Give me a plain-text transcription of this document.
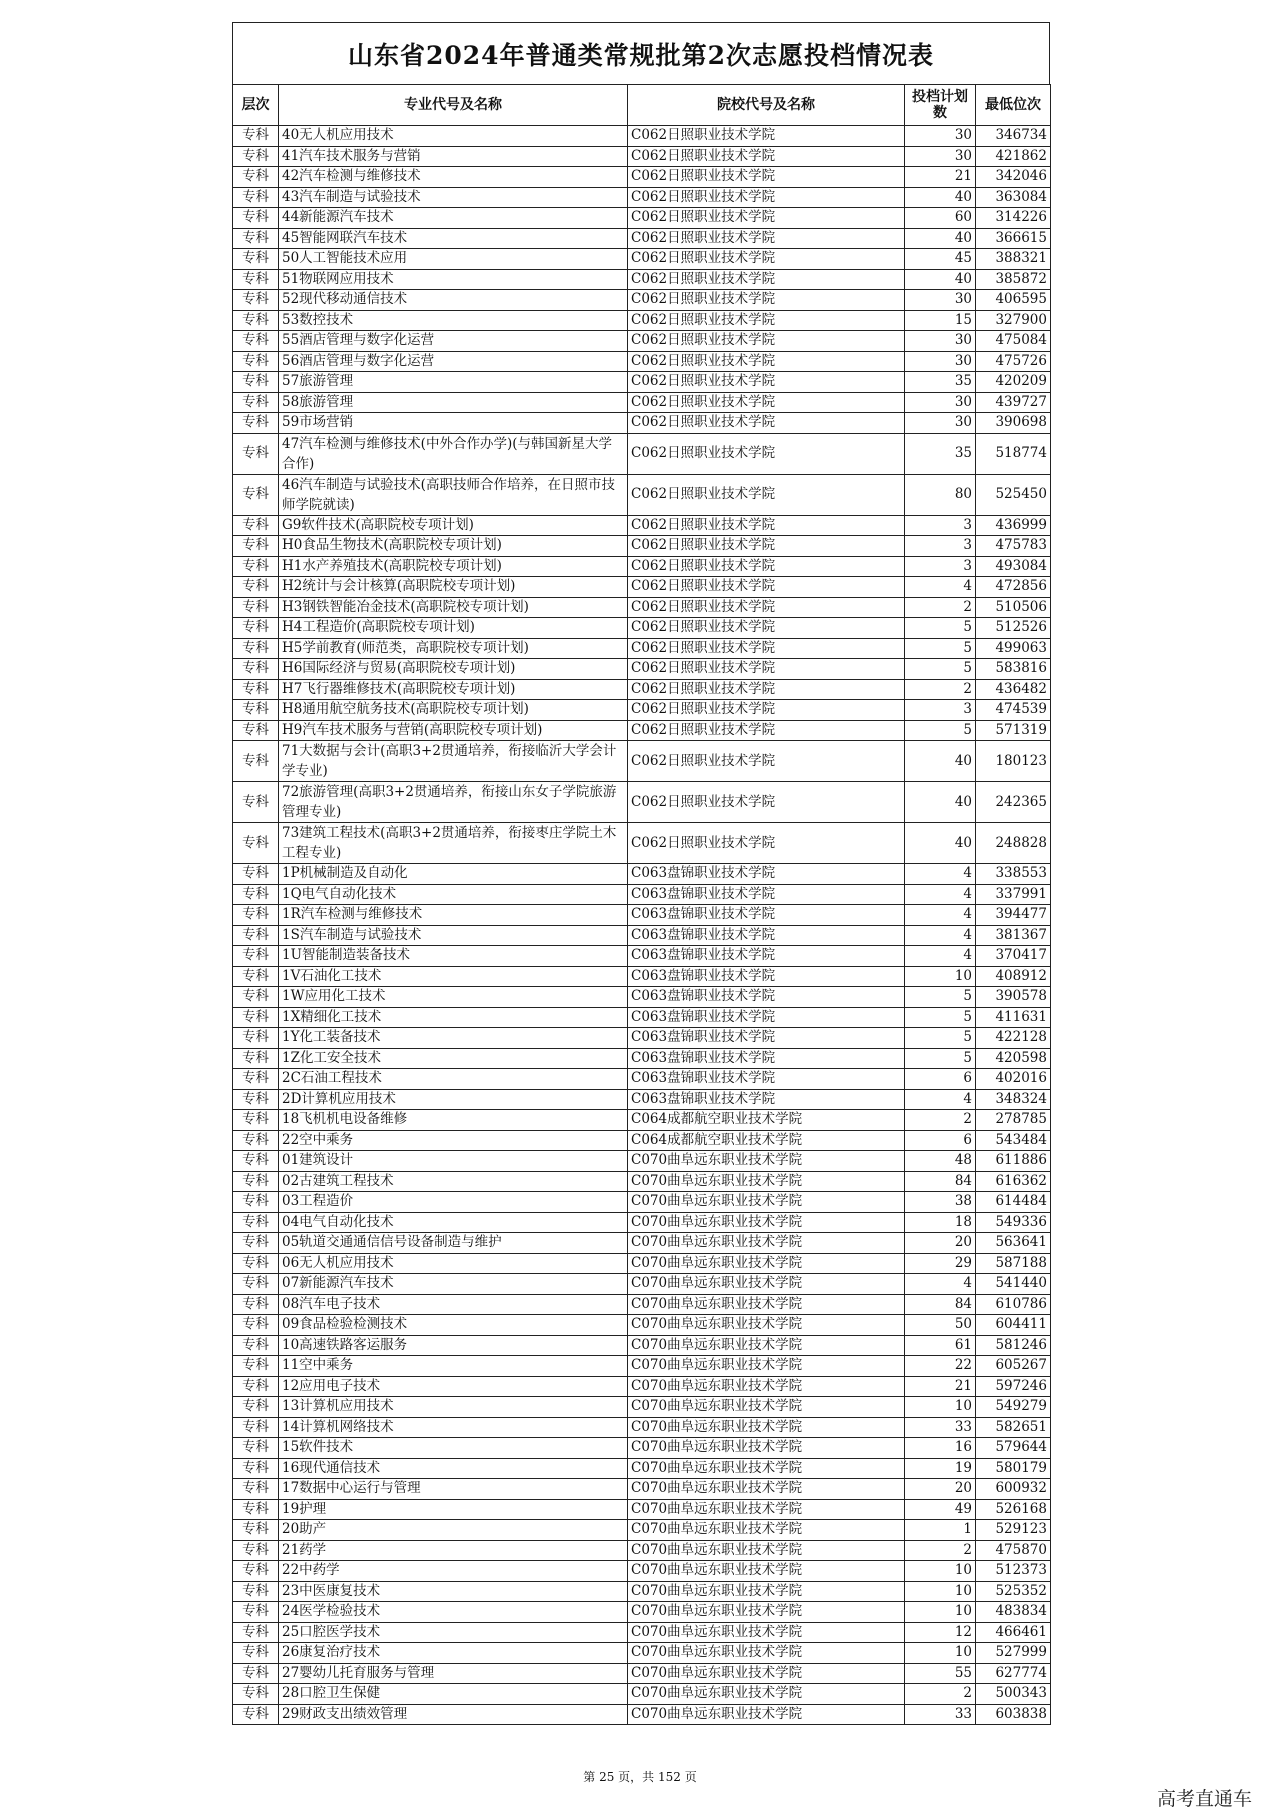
山东省2024年普通类常规批第2次志愿投档情况表
层次	专业代号及名称	院校代号及名称	投档计划数	最低位次
专科	40无人机应用技术	C062日照职业技术学院	30	346734
专科	41汽车技术服务与营销	C062日照职业技术学院	30	421862
专科	42汽车检测与维修技术	C062日照职业技术学院	21	342046
专科	43汽车制造与试验技术	C062日照职业技术学院	40	363084
专科	44新能源汽车技术	C062日照职业技术学院	60	314226
专科	45智能网联汽车技术	C062日照职业技术学院	40	366615
专科	50人工智能技术应用	C062日照职业技术学院	45	388321
专科	51物联网应用技术	C062日照职业技术学院	40	385872
专科	52现代移动通信技术	C062日照职业技术学院	30	406595
专科	53数控技术	C062日照职业技术学院	15	327900
专科	55酒店管理与数字化运营	C062日照职业技术学院	30	475084
专科	56酒店管理与数字化运营	C062日照职业技术学院	30	475726
专科	57旅游管理	C062日照职业技术学院	35	420209
专科	58旅游管理	C062日照职业技术学院	30	439727
专科	59市场营销	C062日照职业技术学院	30	390698
专科	47汽车检测与维修技术(中外合作办学)(与韩国新星大学合作)	C062日照职业技术学院	35	518774
专科	46汽车制造与试验技术(高职技师合作培养，在日照市技师学院就读)	C062日照职业技术学院	80	525450
专科	G9软件技术(高职院校专项计划)	C062日照职业技术学院	3	436999
专科	H0食品生物技术(高职院校专项计划)	C062日照职业技术学院	3	475783
专科	H1水产养殖技术(高职院校专项计划)	C062日照职业技术学院	3	493084
专科	H2统计与会计核算(高职院校专项计划)	C062日照职业技术学院	4	472856
专科	H3钢铁智能冶金技术(高职院校专项计划)	C062日照职业技术学院	2	510506
专科	H4工程造价(高职院校专项计划)	C062日照职业技术学院	5	512526
专科	H5学前教育(师范类，高职院校专项计划)	C062日照职业技术学院	5	499063
专科	H6国际经济与贸易(高职院校专项计划)	C062日照职业技术学院	5	583816
专科	H7飞行器维修技术(高职院校专项计划)	C062日照职业技术学院	2	436482
专科	H8通用航空航务技术(高职院校专项计划)	C062日照职业技术学院	3	474539
专科	H9汽车技术服务与营销(高职院校专项计划)	C062日照职业技术学院	5	571319
专科	71大数据与会计(高职3+2贯通培养，衔接临沂大学会计学专业)	C062日照职业技术学院	40	180123
专科	72旅游管理(高职3+2贯通培养，衔接山东女子学院旅游管理专业)	C062日照职业技术学院	40	242365
专科	73建筑工程技术(高职3+2贯通培养，衔接枣庄学院土木工程专业)	C062日照职业技术学院	40	248828
专科	1P机械制造及自动化	C063盘锦职业技术学院	4	338553
专科	1Q电气自动化技术	C063盘锦职业技术学院	4	337991
专科	1R汽车检测与维修技术	C063盘锦职业技术学院	4	394477
专科	1S汽车制造与试验技术	C063盘锦职业技术学院	4	381367
专科	1U智能制造装备技术	C063盘锦职业技术学院	4	370417
专科	1V石油化工技术	C063盘锦职业技术学院	10	408912
专科	1W应用化工技术	C063盘锦职业技术学院	5	390578
专科	1X精细化工技术	C063盘锦职业技术学院	5	411631
专科	1Y化工装备技术	C063盘锦职业技术学院	5	422128
专科	1Z化工安全技术	C063盘锦职业技术学院	5	420598
专科	2C石油工程技术	C063盘锦职业技术学院	6	402016
专科	2D计算机应用技术	C063盘锦职业技术学院	4	348324
专科	18飞机机电设备维修	C064成都航空职业技术学院	2	278785
专科	22空中乘务	C064成都航空职业技术学院	6	543484
专科	01建筑设计	C070曲阜远东职业技术学院	48	611886
专科	02古建筑工程技术	C070曲阜远东职业技术学院	84	616362
专科	03工程造价	C070曲阜远东职业技术学院	38	614484
专科	04电气自动化技术	C070曲阜远东职业技术学院	18	549336
专科	05轨道交通通信信号设备制造与维护	C070曲阜远东职业技术学院	20	563641
专科	06无人机应用技术	C070曲阜远东职业技术学院	29	587188
专科	07新能源汽车技术	C070曲阜远东职业技术学院	4	541440
专科	08汽车电子技术	C070曲阜远东职业技术学院	84	610786
专科	09食品检验检测技术	C070曲阜远东职业技术学院	50	604411
专科	10高速铁路客运服务	C070曲阜远东职业技术学院	61	581246
专科	11空中乘务	C070曲阜远东职业技术学院	22	605267
专科	12应用电子技术	C070曲阜远东职业技术学院	21	597246
专科	13计算机应用技术	C070曲阜远东职业技术学院	10	549279
专科	14计算机网络技术	C070曲阜远东职业技术学院	33	582651
专科	15软件技术	C070曲阜远东职业技术学院	16	579644
专科	16现代通信技术	C070曲阜远东职业技术学院	19	580179
专科	17数据中心运行与管理	C070曲阜远东职业技术学院	20	600932
专科	19护理	C070曲阜远东职业技术学院	49	526168
专科	20助产	C070曲阜远东职业技术学院	1	529123
专科	21药学	C070曲阜远东职业技术学院	2	475870
专科	22中药学	C070曲阜远东职业技术学院	10	512373
专科	23中医康复技术	C070曲阜远东职业技术学院	10	525352
专科	24医学检验技术	C070曲阜远东职业技术学院	10	483834
专科	25口腔医学技术	C070曲阜远东职业技术学院	12	466461
专科	26康复治疗技术	C070曲阜远东职业技术学院	10	527999
专科	27婴幼儿托育服务与管理	C070曲阜远东职业技术学院	55	627774
专科	28口腔卫生保健	C070曲阜远东职业技术学院	2	500343
专科	29财政支出绩效管理	C070曲阜远东职业技术学院	33	603838
第 25 页，共 152 页
高考直通车
